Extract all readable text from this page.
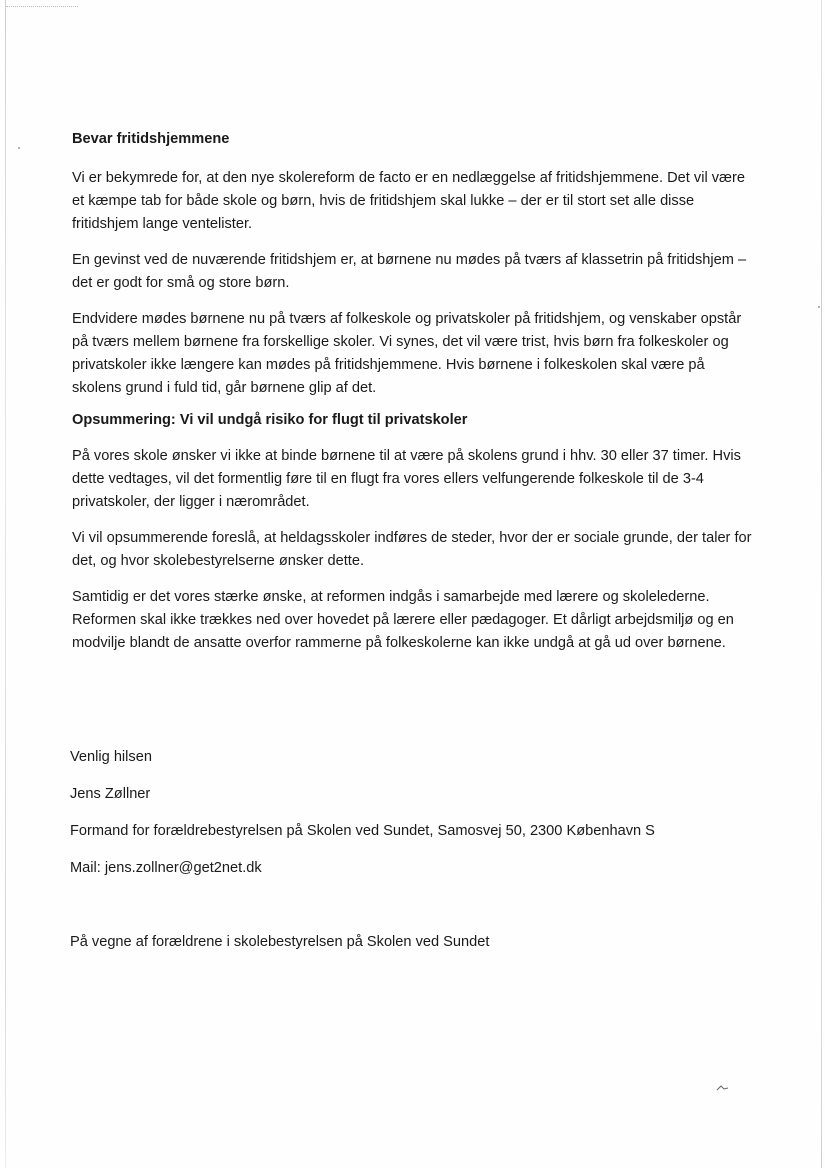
Bevar fritidshjemmene

Vi er bekymrede for, at den nye skolereform de facto er en nedlæggelse af fritidshjemmene. Det vil være et kæmpe tab for både skole og børn, hvis de fritidshjem skal lukke – der er til stort set alle disse fritidshjem lange ventelister.

En gevinst ved de nuværende fritidshjem er, at børnene nu mødes på tværs af klassetrin på fritidshjem – det er godt for små og store børn.

Endvidere mødes børnene nu på tværs af folkeskole og privatskoler på fritidshjem, og venskaber opstår på tværs mellem børnene fra forskellige skoler. Vi synes, det vil være trist, hvis børn fra folkeskoler og privatskoler ikke længere kan mødes på fritidshjemmene. Hvis børnene i folkeskolen skal være på skolens grund i fuld tid, går børnene glip af det.

Opsummering: Vi vil undgå risiko for flugt til privatskoler

På vores skole ønsker vi ikke at binde børnene til at være på skolens grund i hhv. 30 eller 37 timer. Hvis dette vedtages, vil det formentlig føre til en flugt fra vores ellers velfungerende folkeskole til de 3-4 privatskoler, der ligger i nærområdet.

Vi vil opsummerende foreslå, at heldagsskoler indføres de steder, hvor der er sociale grunde, der taler for det, og hvor skolebestyrelserne ønsker dette.

Samtidig er det vores stærke ønske, at reformen indgås i samarbejde med lærere og skolelederne. Reformen skal ikke trækkes ned over hovedet på lærere eller pædagoger. Et dårligt arbejdsmiljø og en modvilje blandt de ansatte overfor rammerne på folkeskolerne kan ikke undgå at gå ud over børnene.

Venlig hilsen

Jens Zøllner

Formand for forældrebestyrelsen på Skolen ved Sundet, Samosvej 50, 2300 København S

Mail: jens.zollner@get2net.dk

På vegne af forældrene i skolebestyrelsen på Skolen ved Sundet
